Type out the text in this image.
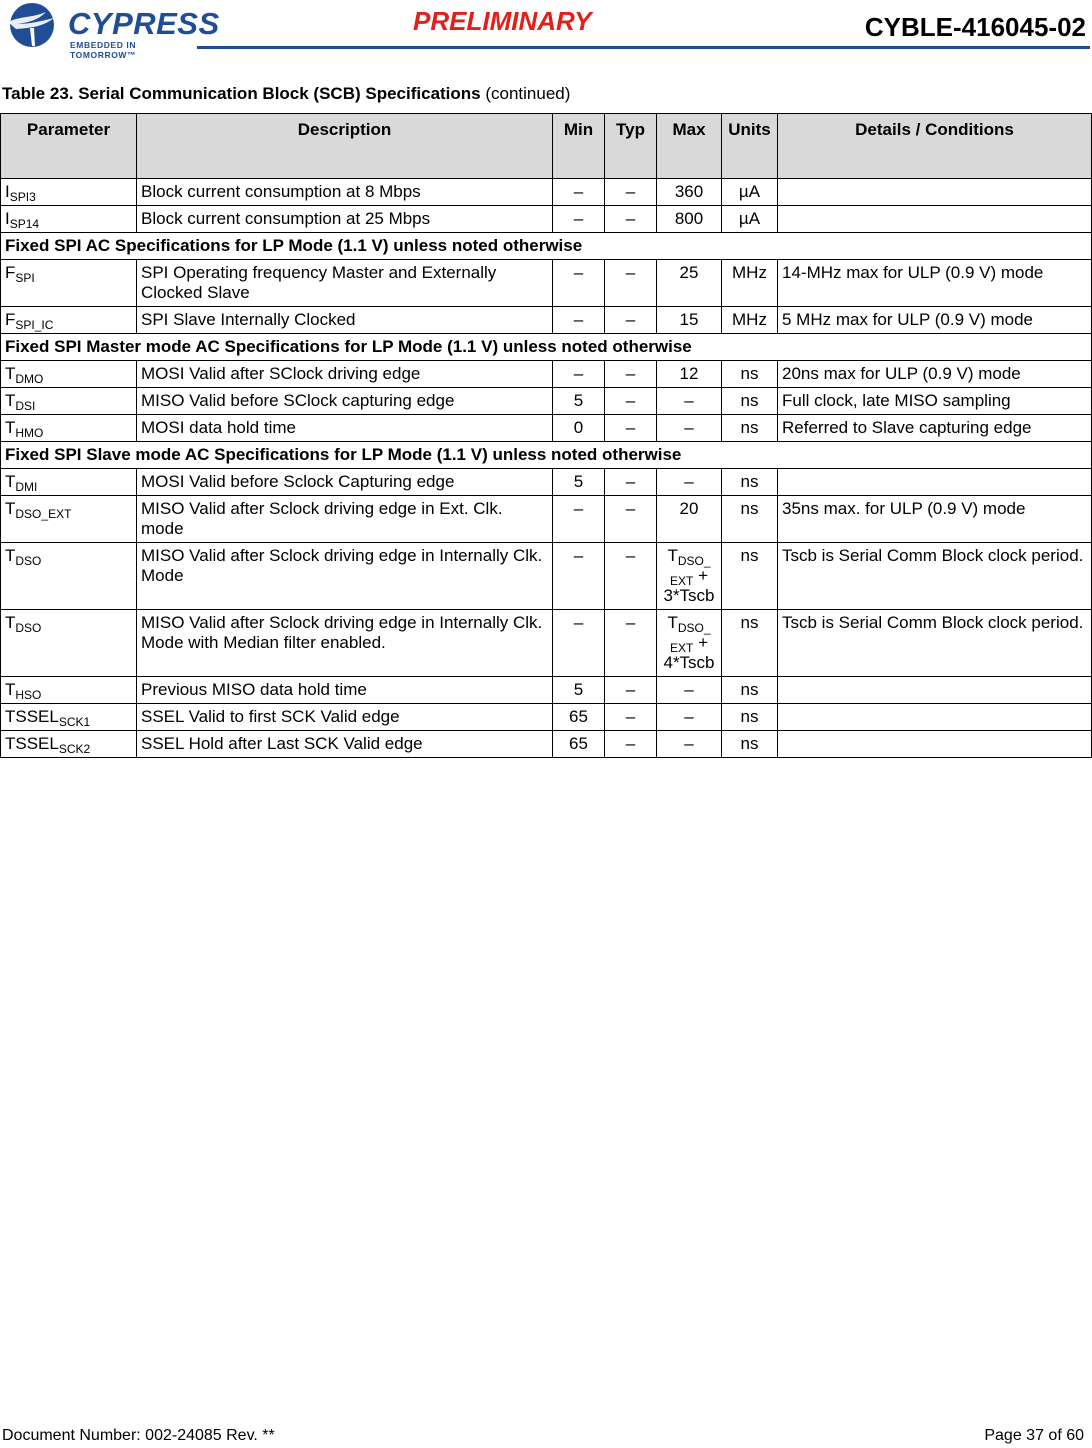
CYPRESS
EMBEDDED IN TOMORROW™
PRELIMINARY	CYBLE-416045-02
Table 23. Serial Communication Block (SCB) Specifications (continued)
Parameter	Description	Min	Typ	Max	Units	Details / Conditions
$I_{SPI3}$	Block current consumption at 8 Mbps	–	–	360	µA	
$I_{SP14}$	Block current consumption at 25 Mbps	–	–	800	µA	
Fixed SPI AC Specifications for LP Mode (1.1 V) unless noted otherwise						
$F_{SPI}$	SPI Operating frequency Master and Externally Clocked Slave	–	–	25	MHz	14-MHz max for ULP (0.9 V) mode
$F_{SPI\_IC}$	SPI Slave Internally Clocked	–	–	15	MHz	5 MHz max for ULP (0.9 V) mode
Fixed SPI Master mode AC Specifications for LP Mode (1.1 V) unless noted otherwise						
$T_{DMO}$	MOSI Valid after SClock driving edge	–	–	12	ns	20ns max for ULP (0.9 V) mode
$T_{DSI}$	MISO Valid before SClock capturing edge	5	–	–	ns	Full clock, late MISO sampling
$T_{HMO}$	MOSI data hold time	0	–	–	ns	Referred to Slave capturing edge
Fixed SPI Slave mode AC Specifications for LP Mode (1.1 V) unless noted otherwise						
$T_{DMI}$	MOSI Valid before Sclock Capturing edge	5	–	–	ns	
$T_{DSO\_EXT}$	MISO Valid after Sclock driving edge in Ext. Clk. mode	–	–	20	ns	35ns max. for ULP (0.9 V) mode
$T_{DSO}$	MISO Valid after Sclock driving edge in Internally Clk. Mode	–	–	$T_{DSO\_ EXT}$ + 3*Tscb	ns	Tscb is Serial Comm Block clock period.
$T_{DSO}$	MISO Valid after Sclock driving edge in Internally Clk. Mode with Median filter enabled.	–	–	$T_{DSO\_ EXT}$ + 4*Tscb	ns	Tscb is Serial Comm Block clock period.
$T_{HSO}$	Previous MISO data hold time	5	–	–	ns	
$TSSEL_{SCK1}$	SSEL Valid to first SCK Valid edge	65	–	–	ns	
$TSSEL_{SCK2}$	SSEL Hold after Last SCK Valid edge	65	–	–	ns	
Document Number: 002-24085 Rev. **	Page 37 of 60
